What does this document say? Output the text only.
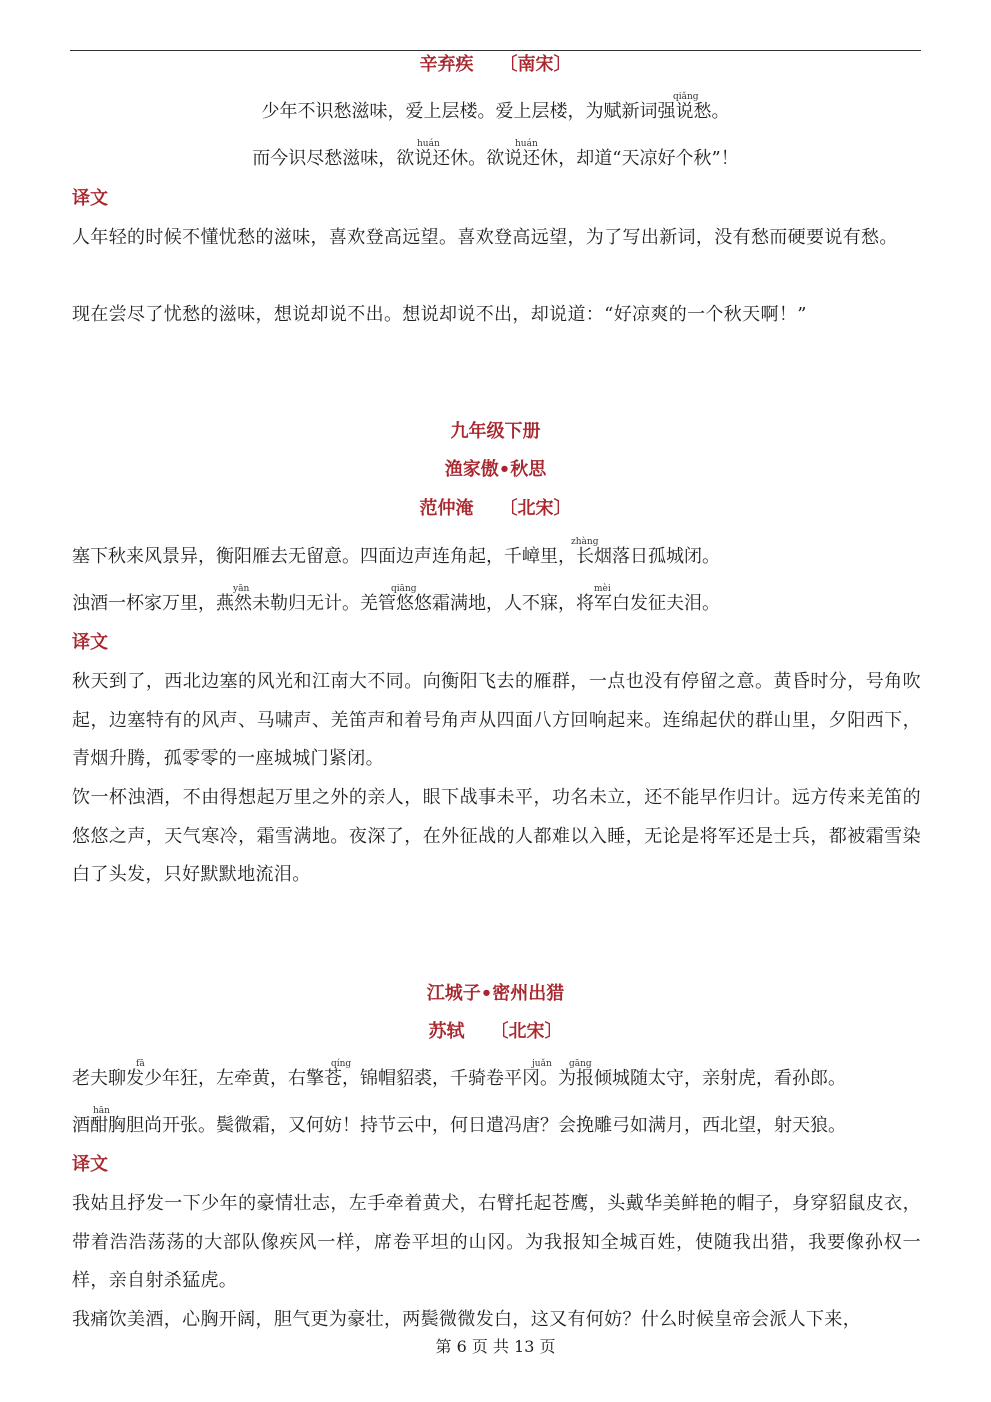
辛弃疾 〔南宋〕
qiǎng
少年不识愁滋味，爱上层楼。爱上层楼，为赋新词强说愁。
huán	huán
而今识尽愁滋味，欲说还休。欲说还休，却道“天凉好个秋”！
译文
人年轻的时候不懂忧愁的滋味，喜欢登高远望。喜欢登高远望，为了写出新词，没有愁而硬要说有愁。
现在尝尽了忧愁的滋味，想说却说不出。想说却说不出，却说道：“好凉爽的一个秋天啊！”
九年级下册
渔家傲•秋思
范仲淹 〔北宋〕
zhàng
塞下秋来风景异，衡阳雁去无留意。四面边声连角起，千嶂里，长烟落日孤城闭。
yān	qiāng	mèi
浊酒一杯家万里，燕然未勒归无计。羌管悠悠霜满地，人不寐，将军白发征夫泪。
译文
秋天到了，西北边塞的风光和江南大不同。向衡阳飞去的雁群，一点也没有停留之意。黄昏时分，号角吹起，边塞特有的风声、马啸声、羌笛声和着号角声从四面八方回响起来。连绵起伏的群山里，夕阳西下，青烟升腾，孤零零的一座城城门紧闭。
饮一杯浊酒，不由得想起万里之外的亲人，眼下战事未平，功名未立，还不能早作归计。远方传来羌笛的悠悠之声，天气寒冷，霜雪满地。夜深了，在外征战的人都难以入睡，无论是将军还是士兵，都被霜雪染白了头发，只好默默地流泪。
江城子•密州出猎
苏轼 〔北宋〕
fā	qíng	juǎn gāng
老夫聊发少年狂，左牵黄，右擎苍，锦帽貂裘，千骑卷平冈。为报倾城随太守，亲射虎，看孙郎。
hān
酒酣胸胆尚开张。鬓微霜，又何妨！持节云中，何日遣冯唐？会挽雕弓如满月，西北望，射天狼。
译文
我姑且抒发一下少年的豪情壮志，左手牵着黄犬，右臂托起苍鹰，头戴华美鲜艳的帽子，身穿貂鼠皮衣，带着浩浩荡荡的大部队像疾风一样，席卷平坦的山冈。为我报知全城百姓，使随我出猎，我要像孙权一样，亲自射杀猛虎。
我痛饮美酒，心胸开阔，胆气更为豪壮，两鬓微微发白，这又有何妨？什么时候皇帝会派人下来，
第 6 页 共 13 页
